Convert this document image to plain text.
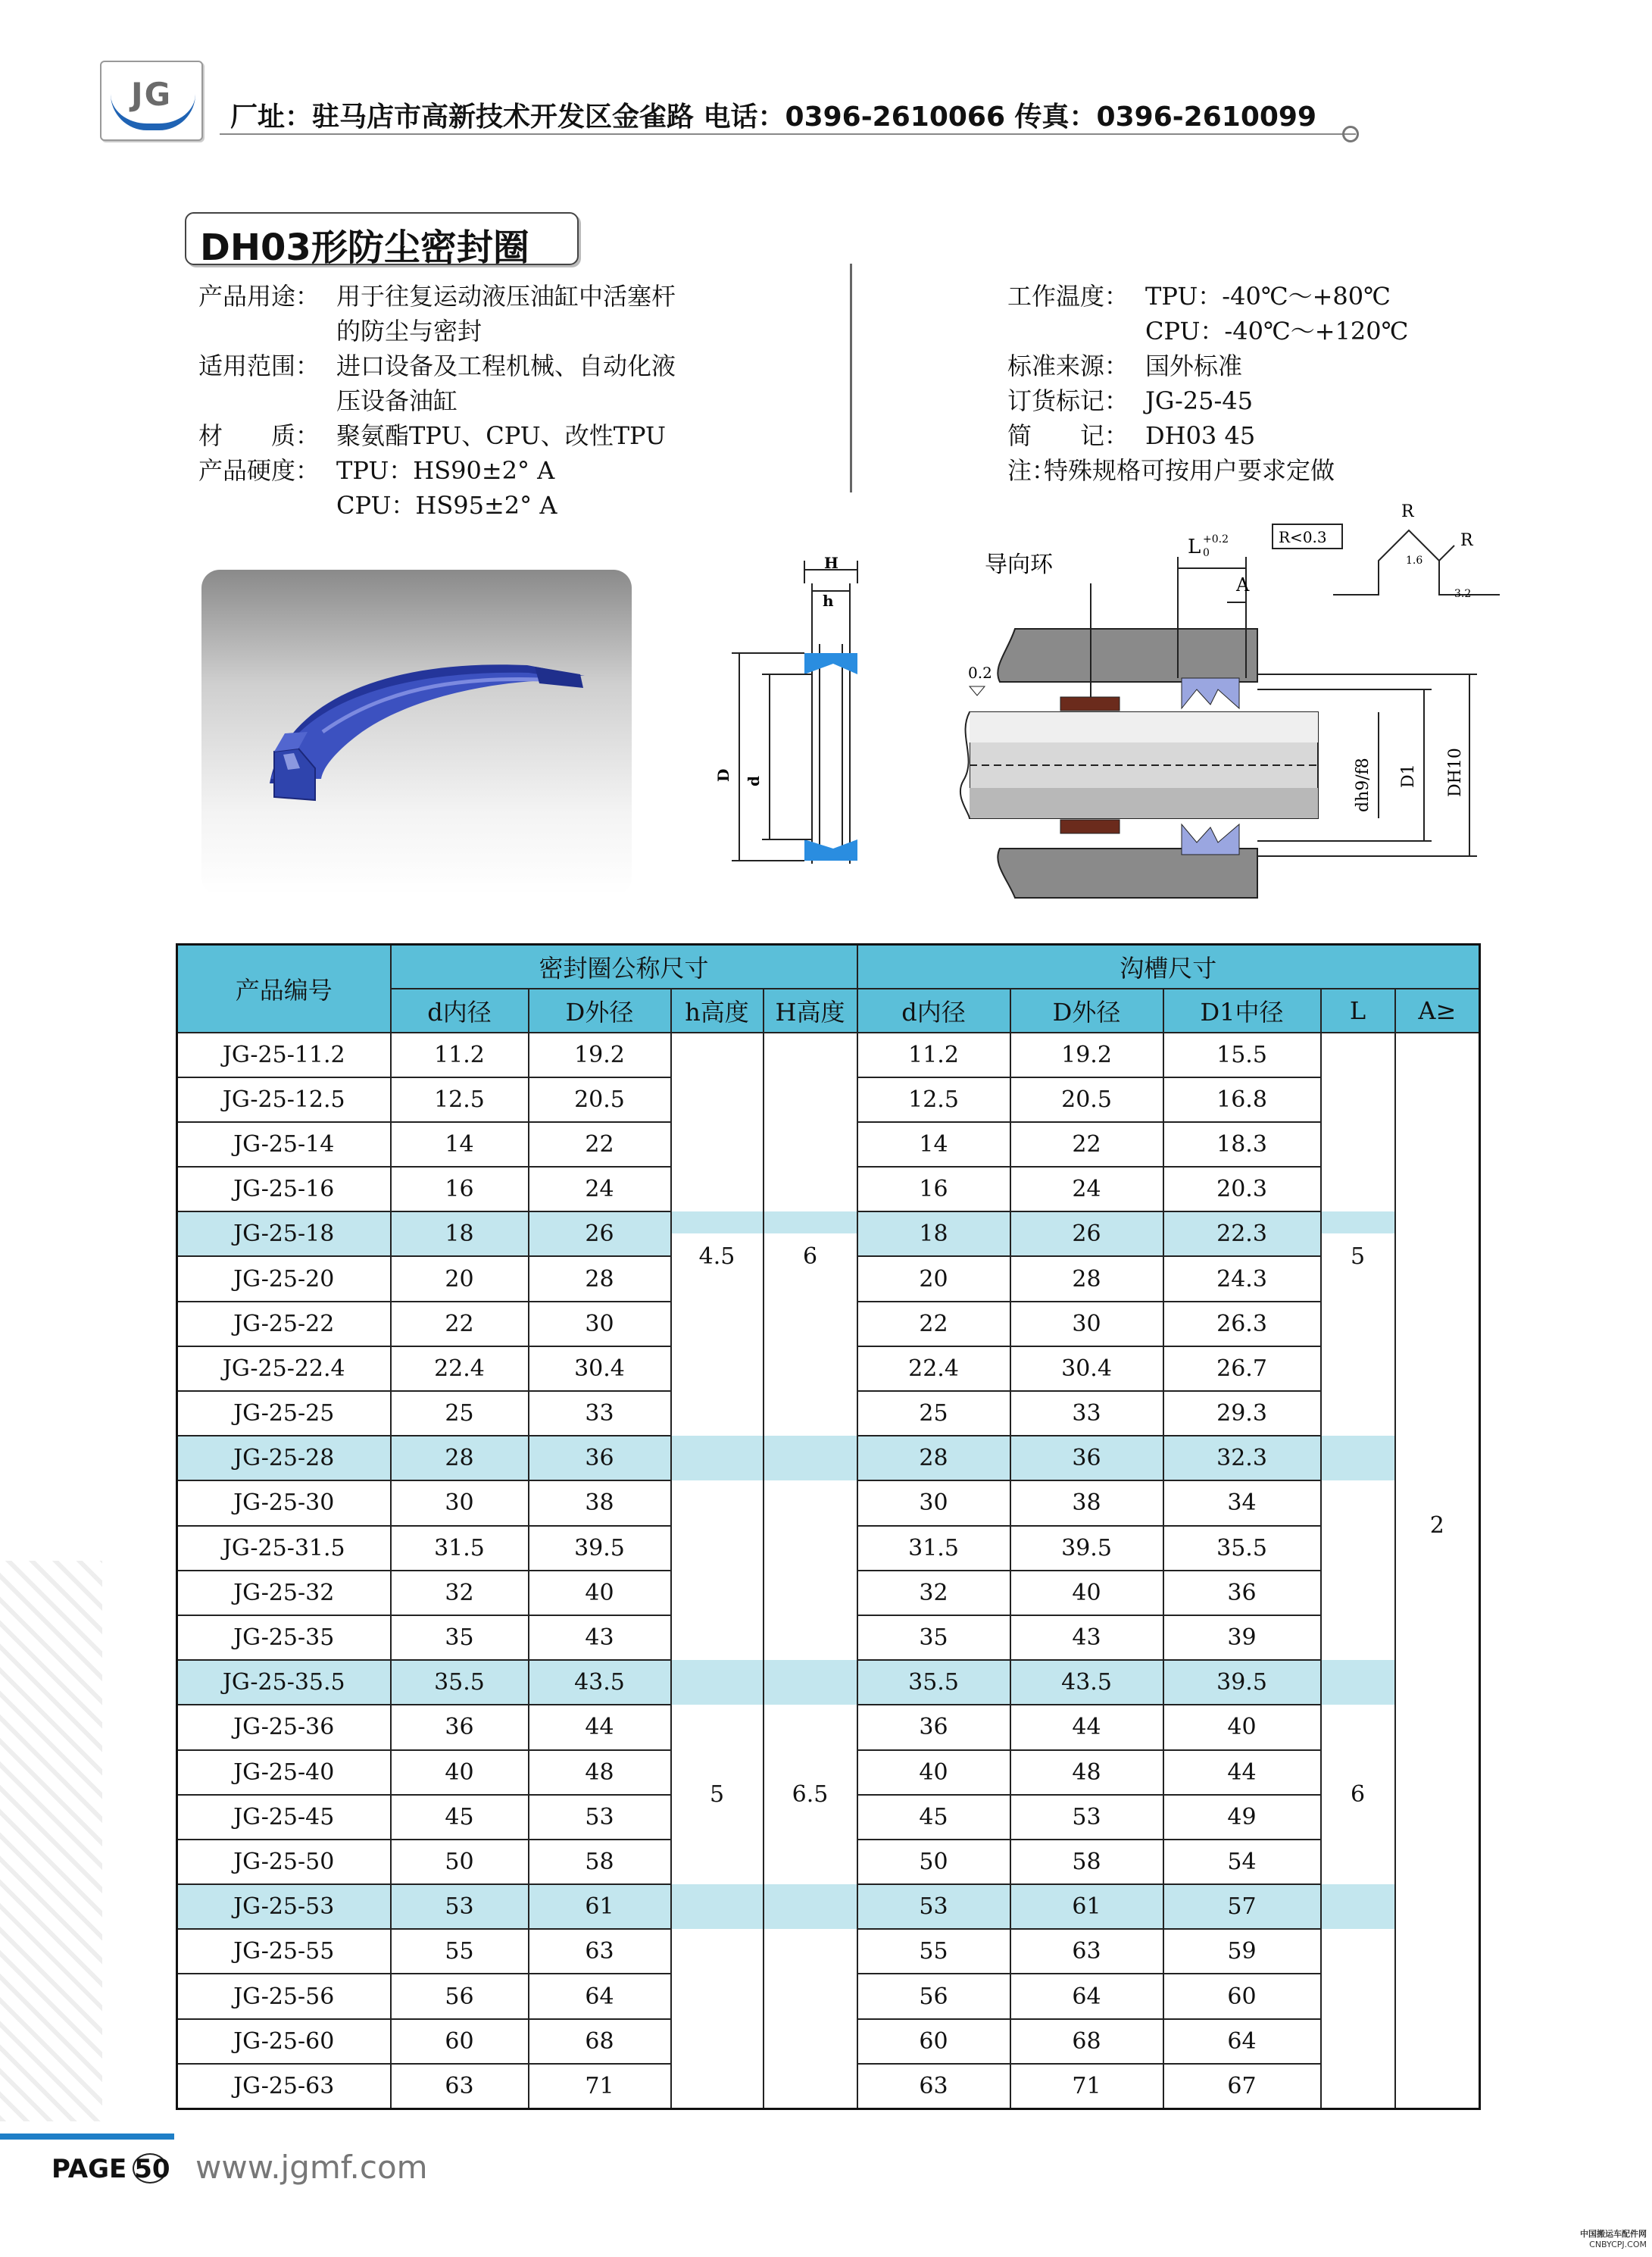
JG
厂址：驻马店市高新技术开发区金雀路 电话：0396-2610066 传真：0396-2610099
DH03形防尘密封圈
产品用途： 用于往复运动液压油缸中活塞杆
的防尘与密封
适用范围： 进口设备及工程机械、自动化液
压设备油缸
材　　质： 聚氨酯TPU、CPU、改性TPU
产品硬度： TPU：HS90±2° A
CPU：HS95±2° A
工作温度： TPU：-40℃～+80℃
CPU：-40℃～+120℃
标准来源： 国外标准
订货标记： JG-25-45
简　　记： DH03 45
注：特殊规格可按用户要求定做
H
h
D d
导向环
0.2
L +0.2
0
A
dh9/f8 D1 DH10
R<0.3
R
R
1.6
3.2
产品编号	密封圈公称尺寸				沟槽尺寸				
	d内径	D外径	h高度	H高度	d内径	D外径	D1中径	L	A≥
JG-25-11.2	11.2	19.2			11.2	19.2	15.5		
JG-25-12.5	12.5	20.5			12.5	20.5	16.8		
JG-25-14	14	22			14	22	18.3		
JG-25-16	16	24			16	24	20.3		
JG-25-18	18	26			18	26	22.3		
JG-25-20	20	28	4.5	6	20	28	24.3	5	
JG-25-22	22	30			22	30	26.3		
JG-25-22.4	22.4	30.4			22.4	30.4	26.7		
JG-25-25	25	33			25	33	29.3		
JG-25-28	28	36			28	36	32.3		
JG-25-30	30	38			30	38	34		
JG-25-31.5	31.5	39.5			31.5	39.5	35.5		2
JG-25-32	32	40			32	40	36		
JG-25-35	35	43			35	43	39		
JG-25-35.5	35.5	43.5			35.5	43.5	39.5		
JG-25-36	36	44			36	44	40		
JG-25-40	40	48			40	48	44		
JG-25-45	45	53	5	6.5	45	53	49	6	
JG-25-50	50	58			50	58	54		
JG-25-53	53	61			53	61	57		
JG-25-55	55	63			55	63	59		
JG-25-56	56	64			56	64	60		
JG-25-60	60	68			60	68	64		
JG-25-63	63	71			63	71	67		
PAGE 50 www.jgmf.com
中国搬运车配件网
CNBYCPJ.COM
